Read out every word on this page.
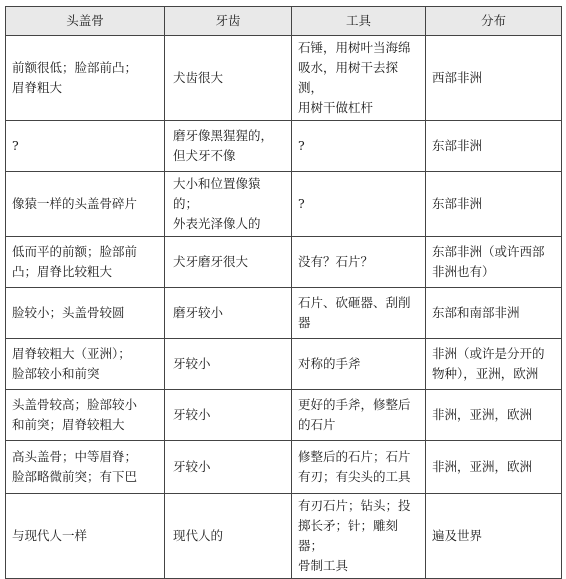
头盖骨	牙齿	工具	分布

前额很低；脸部前凸；
眉脊粗大	犬齿很大	石锤，用树叶当海绵
吸水，用树干去探测，
用树干做杠杆	西部非洲

?	磨牙像黑猩猩的，
但犬牙不像	?	东部非洲

像猿一样的头盖骨碎片	大小和位置像猿的；
外表光泽像人的	?	东部非洲

低而平的前额；脸部前
凸；眉脊比较粗大	犬牙磨牙很大	没有？石片？	东部非洲（或许西部
非洲也有）

脸较小；头盖骨较圆	磨牙较小	石片、砍砸器、刮削
器	东部和南部非洲

眉脊较粗大（亚洲）；
脸部较小和前突	牙较小	对称的手斧	非洲（或许是分开的
物种），亚洲，欧洲

头盖骨较高；脸部较小
和前突；眉脊较粗大	牙较小	更好的手斧，修整后
的石片	非洲，亚洲，欧洲

高头盖骨；中等眉脊；
脸部略微前突；有下巴	牙较小	修整后的石片；石片
有刃；有尖头的工具	非洲，亚洲，欧洲

与现代人一样	现代人的	有刃石片；钻头；投
掷长矛；针；雕刻器；
骨制工具	遍及世界
